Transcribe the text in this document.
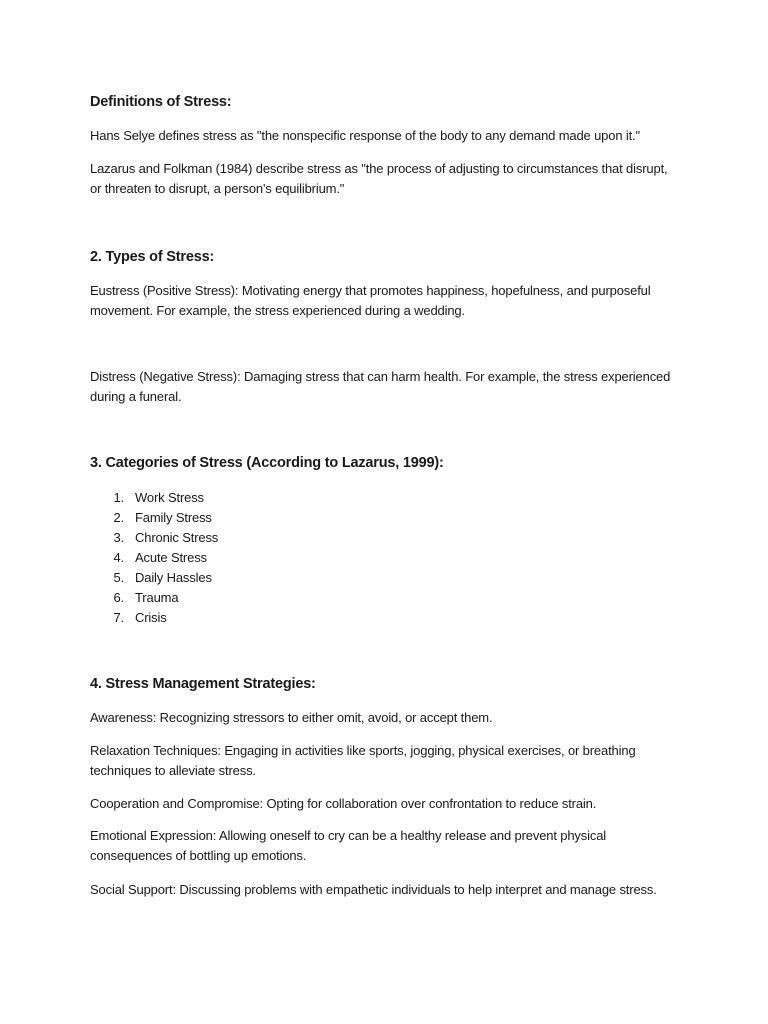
Definitions of Stress:
Hans Selye defines stress as "the nonspecific response of the body to any demand made upon it."
Lazarus and Folkman (1984) describe stress as "the process of adjusting to circumstances that disrupt, or threaten to disrupt, a person's equilibrium."
2. Types of Stress:
Eustress (Positive Stress): Motivating energy that promotes happiness, hopefulness, and purposeful movement. For example, the stress experienced during a wedding.
Distress (Negative Stress): Damaging stress that can harm health. For example, the stress experienced during a funeral.
3. Categories of Stress (According to Lazarus, 1999):
1. Work Stress
2. Family Stress
3. Chronic Stress
4. Acute Stress
5. Daily Hassles
6. Trauma
7. Crisis
4. Stress Management Strategies:
Awareness: Recognizing stressors to either omit, avoid, or accept them.
Relaxation Techniques: Engaging in activities like sports, jogging, physical exercises, or breathing techniques to alleviate stress.
Cooperation and Compromise: Opting for collaboration over confrontation to reduce strain.
Emotional Expression: Allowing oneself to cry can be a healthy release and prevent physical consequences of bottling up emotions.
Social Support: Discussing problems with empathetic individuals to help interpret and manage stress.
